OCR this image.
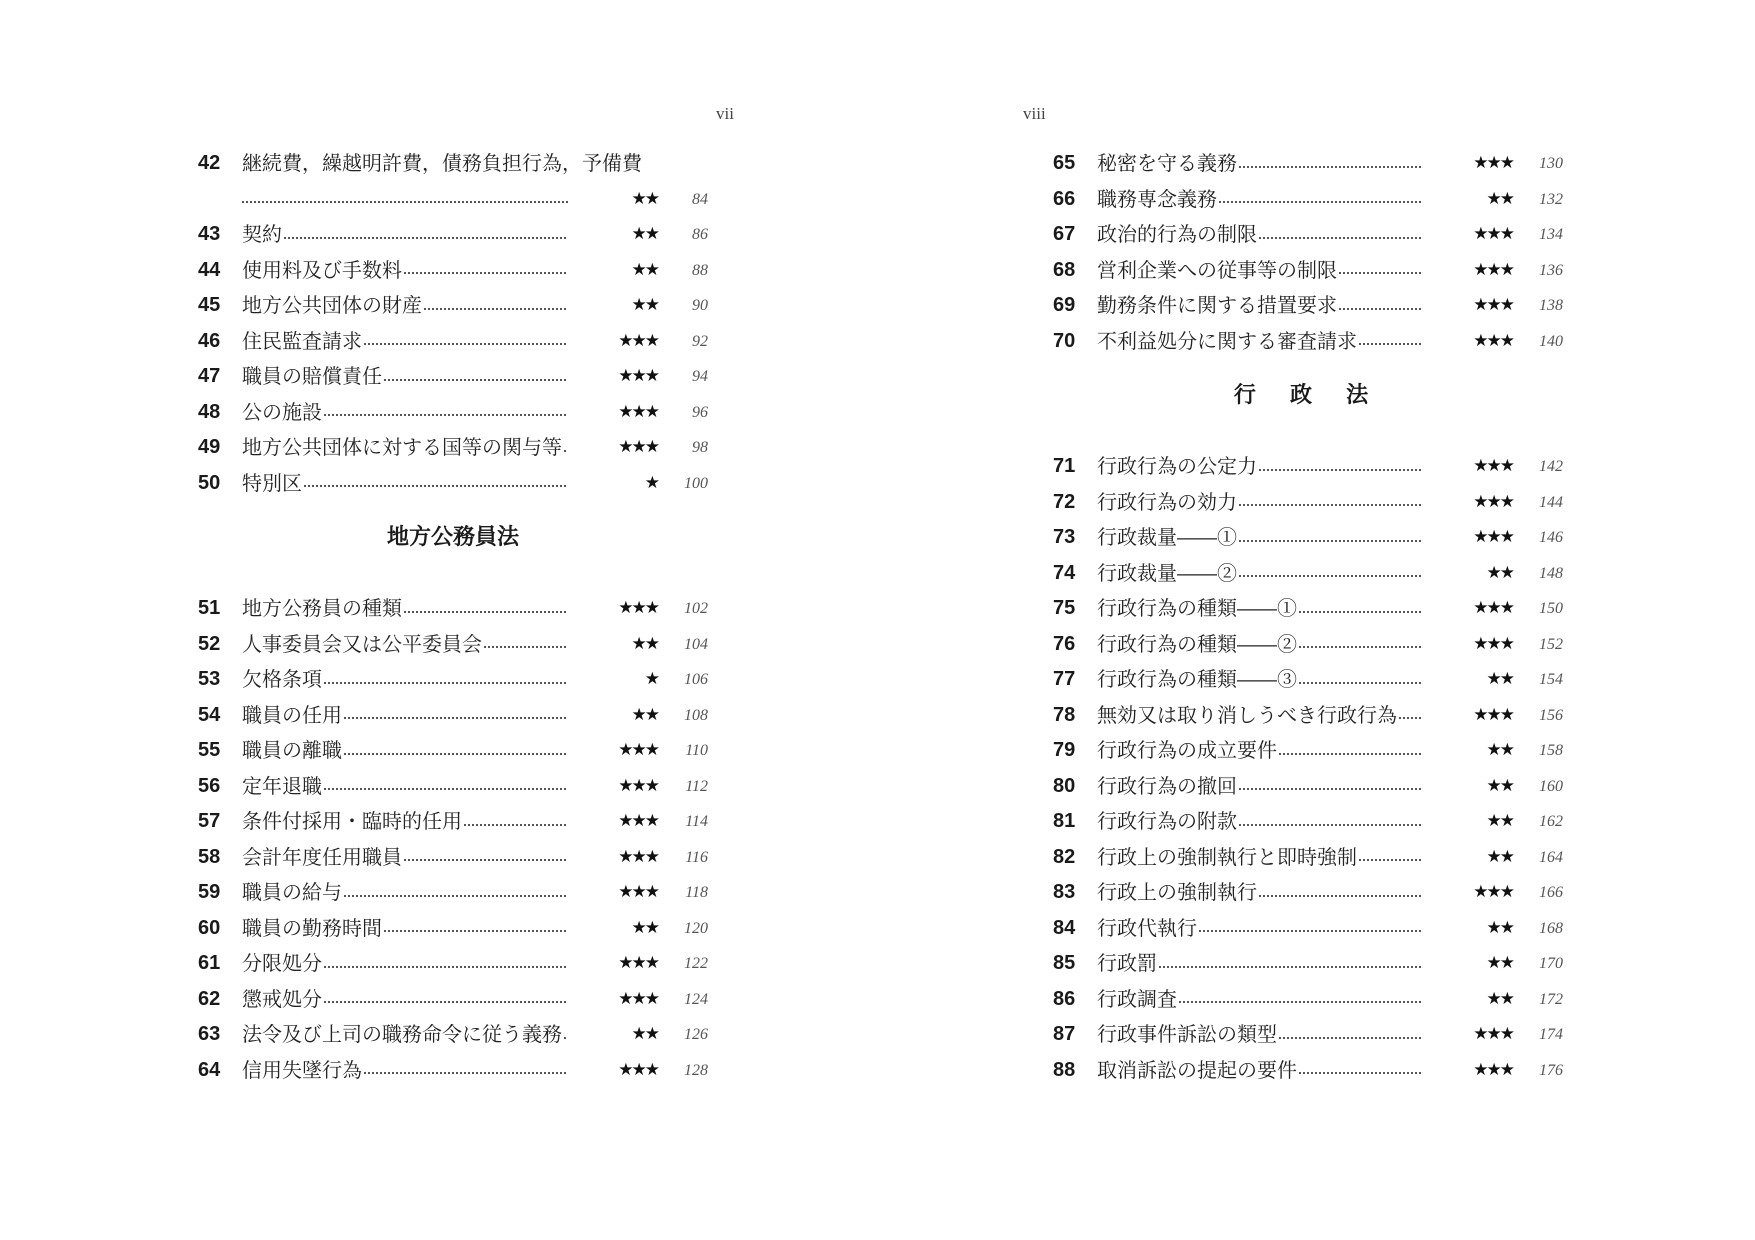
vii	viii
42	継続費，繰越明許費，債務負担行為，予備費
★★	84
43	契約	★★	86
44	使用料及び手数料	★★	88
45	地方公共団体の財産	★★	90
46	住民監査請求	★★★	92
47	職員の賠償責任	★★★	94
48	公の施設	★★★	96
49	地方公共団体に対する国等の関与等	★★★	98
50	特別区	★	100
地方公務員法
51	地方公務員の種類	★★★	102
52	人事委員会又は公平委員会	★★	104
53	欠格条項	★	106
54	職員の任用	★★	108
55	職員の離職	★★★	110
56	定年退職	★★★	112
57	条件付採用・臨時的任用	★★★	114
58	会計年度任用職員	★★★	116
59	職員の給与	★★★	118
60	職員の勤務時間	★★	120
61	分限処分	★★★	122
62	懲戒処分	★★★	124
63	法令及び上司の職務命令に従う義務	★★	126
64	信用失墜行為	★★★	128
65	秘密を守る義務	★★★	130
66	職務専念義務	★★	132
67	政治的行為の制限	★★★	134
68	営利企業への従事等の制限	★★★	136
69	勤務条件に関する措置要求	★★★	138
70	不利益処分に関する審査請求	★★★	140
行 政 法
71	行政行為の公定力	★★★	142
72	行政行為の効力	★★★	144
73	行政裁量――①	★★★	146
74	行政裁量――②	★★	148
75	行政行為の種類――①	★★★	150
76	行政行為の種類――②	★★★	152
77	行政行為の種類――③	★★	154
78	無効又は取り消しうべき行政行為	★★★	156
79	行政行為の成立要件	★★	158
80	行政行為の撤回	★★	160
81	行政行為の附款	★★	162
82	行政上の強制執行と即時強制	★★	164
83	行政上の強制執行	★★★	166
84	行政代執行	★★	168
85	行政罰	★★	170
86	行政調査	★★	172
87	行政事件訴訟の類型	★★★	174
88	取消訴訟の提起の要件	★★★	176
